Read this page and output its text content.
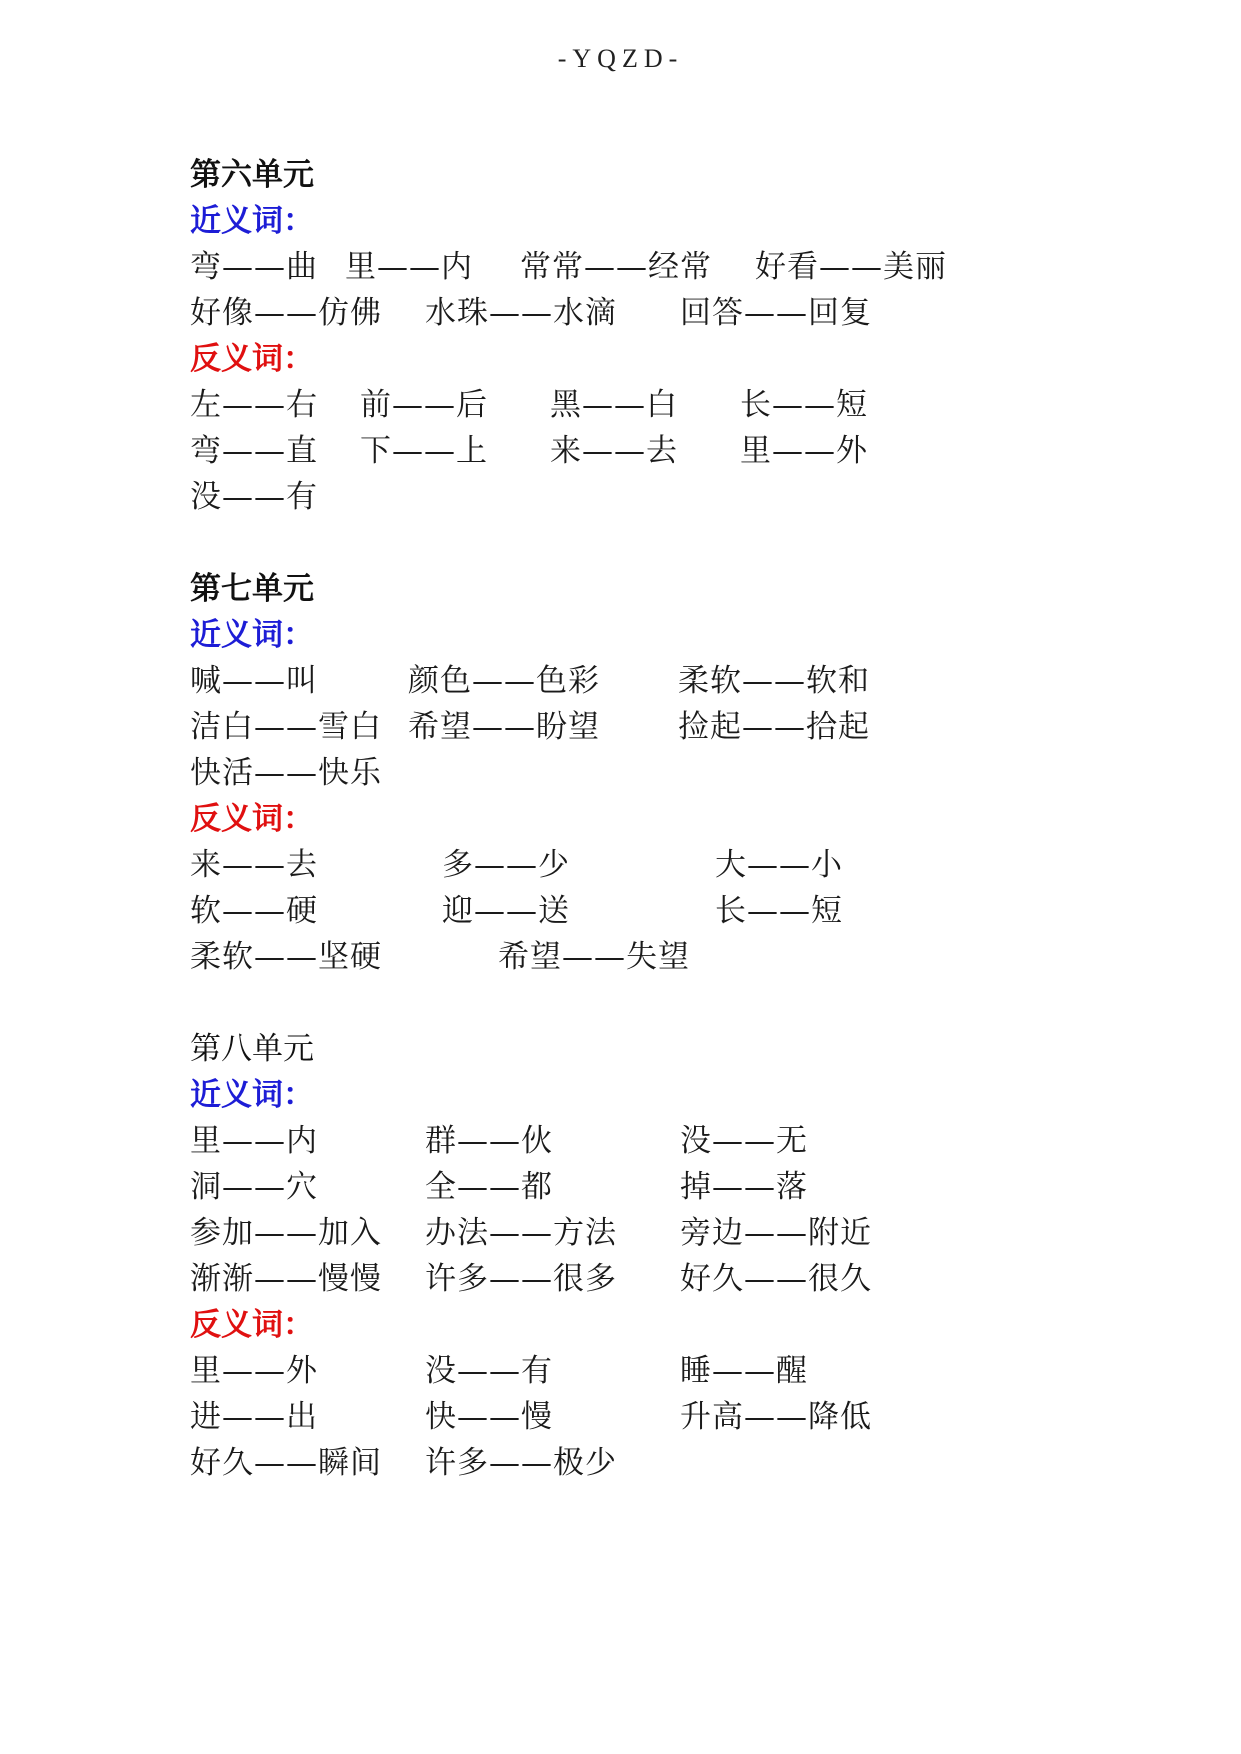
-YQZD-
第六单元
近义词：
弯——曲 里——内 常常——经常 好看——美丽
好像——仿佛 水珠——水滴 回答——回复
反义词：
左——右 前——后 黑——白 长——短
弯——直 下——上 来——去 里——外
没——有
第七单元
近义词：
喊——叫	颜色——色彩	柔软——软和
洁白——雪白 希望——盼望	捡起——拾起
快活——快乐
反义词：
来——去	多——少	大——小
软——硬	迎——送	长——短
柔软——坚硬	希望——失望
第八单元
近义词：
里——内	群——伙	没——无
洞——穴	全——都	掉——落
参加——加入 办法——方法 旁边——附近
渐渐——慢慢 许多——很多 好久——很久
反义词：
里——外	没——有	睡——醒
进——出	快——慢	升高——降低
好久——瞬间 许多——极少
